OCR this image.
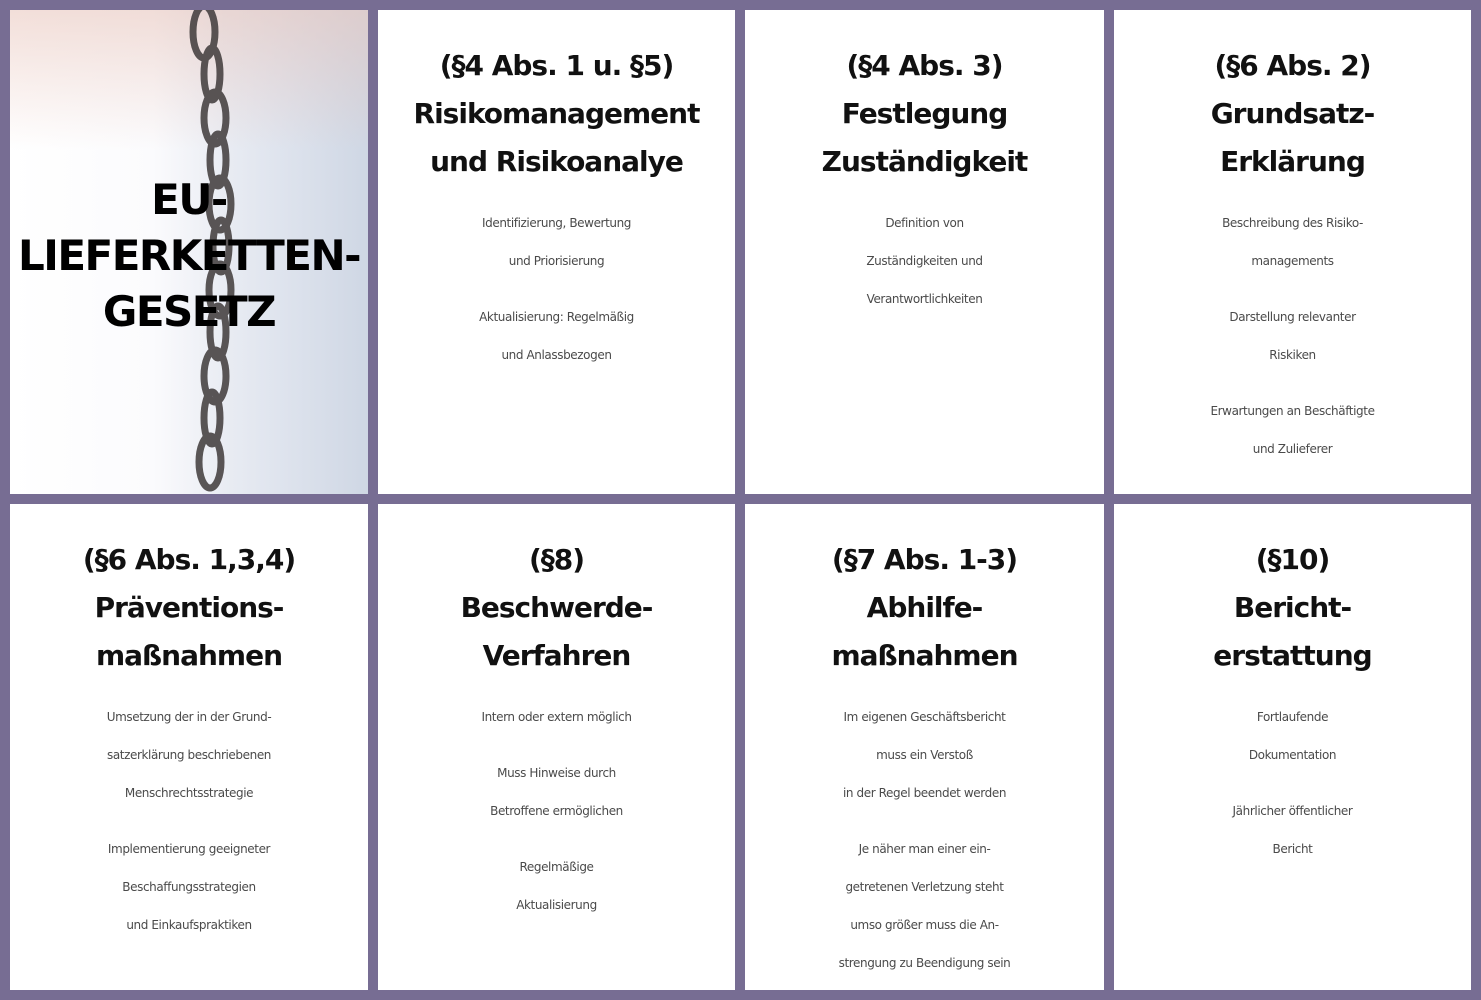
EU-
LIEFERKETTEN-
GESETZ
(§4 Abs. 1 u. §5)
Risikomanagement
und Risikoanalye
Identifizierung, Bewertung
und Priorisierung
Aktualisierung: Regelmäßig
und Anlassbezogen
(§4 Abs. 3)
Festlegung
Zuständigkeit
Definition von
Zuständigkeiten und
Verantwortlichkeiten
(§6 Abs. 2)
Grundsatz-
Erklärung
Beschreibung des Risiko-
managements
Darstellung relevanter
Riskiken
Erwartungen an Beschäftigte
und Zulieferer
(§6 Abs. 1,3,4)
Präventions-
maßnahmen
Umsetzung der in der Grund-
satzerklärung beschriebenen
Menschrechtsstrategie
Implementierung geeigneter
Beschaffungsstrategien
und Einkaufspraktiken
(§8)
Beschwerde-
Verfahren
Intern oder extern möglich
Muss Hinweise durch
Betroffene ermöglichen
Regelmäßige
Aktualisierung
(§7 Abs. 1-3)
Abhilfe-
maßnahmen
Im eigenen Geschäftsbericht
muss ein Verstoß
in der Regel beendet werden
Je näher man einer ein-
getretenen Verletzung steht
umso größer muss die An-
strengung zu Beendigung sein
(§10)
Bericht-
erstattung
Fortlaufende
Dokumentation
Jährlicher öffentlicher
Bericht
